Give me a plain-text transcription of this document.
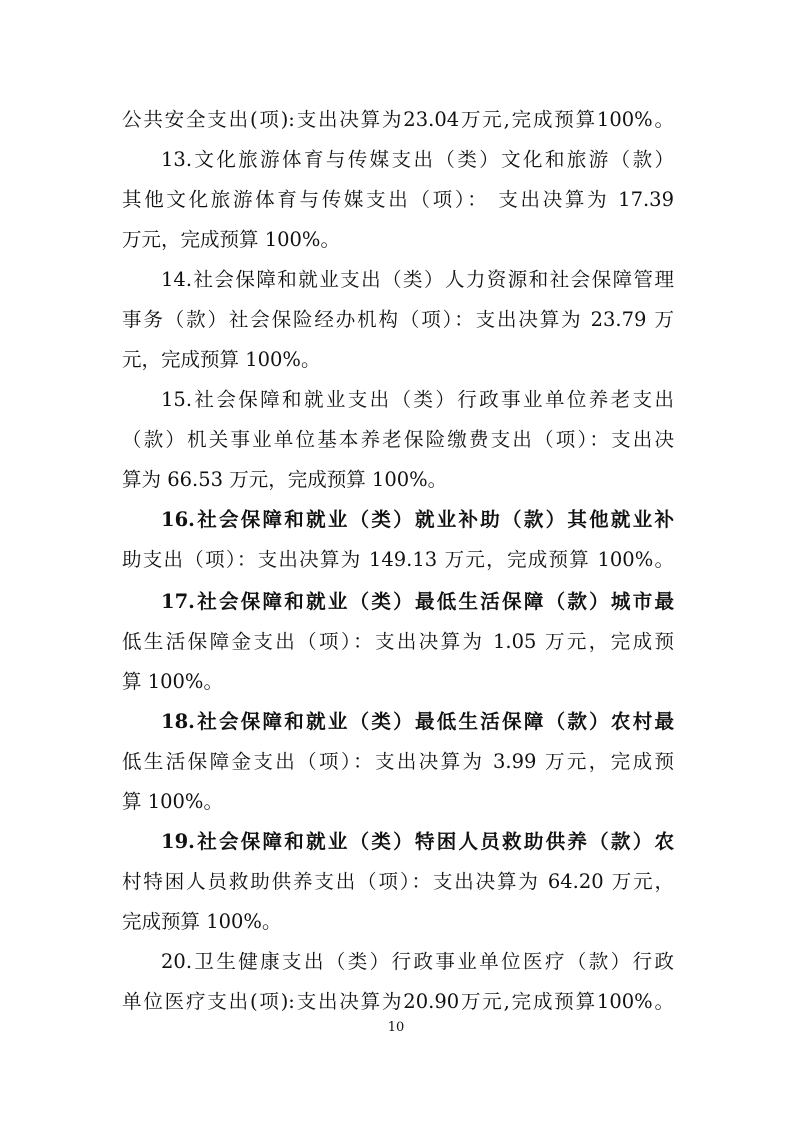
公共安全支出(项):支出决算为23.04万元,完成预算100%。
13.文化旅游体育与传媒支出（类）文化和旅游（款）
其他文化旅游体育与传媒支出（项）： 支出决算为 17.39
万元，完成预算 100%。
14.社会保障和就业支出（类）人力资源和社会保障管理
事务（款）社会保险经办机构（项）：支出决算为 23.79 万
元，完成预算 100%。
15.社会保障和就业支出（类）行政事业单位养老支出
（款）机关事业单位基本养老保险缴费支出（项）：支出决
算为 66.53 万元，完成预算 100%。
16.社会保障和就业（类）就业补助（款）其他就业补
助支出（项）：支出决算为 149.13 万元，完成预算 100%。
17.社会保障和就业（类）最低生活保障（款）城市最
低生活保障金支出（项）：支出决算为 1.05 万元，完成预
算 100%。
18.社会保障和就业（类）最低生活保障（款）农村最
低生活保障金支出（项）：支出决算为 3.99 万元，完成预
算 100%。
19.社会保障和就业（类）特困人员救助供养（款）农
村特困人员救助供养支出（项）：支出决算为 64.20 万元，
完成预算 100%。
20.卫生健康支出（类）行政事业单位医疗（款）行政
单位医疗支出(项):支出决算为20.90万元,完成预算100%。
10
